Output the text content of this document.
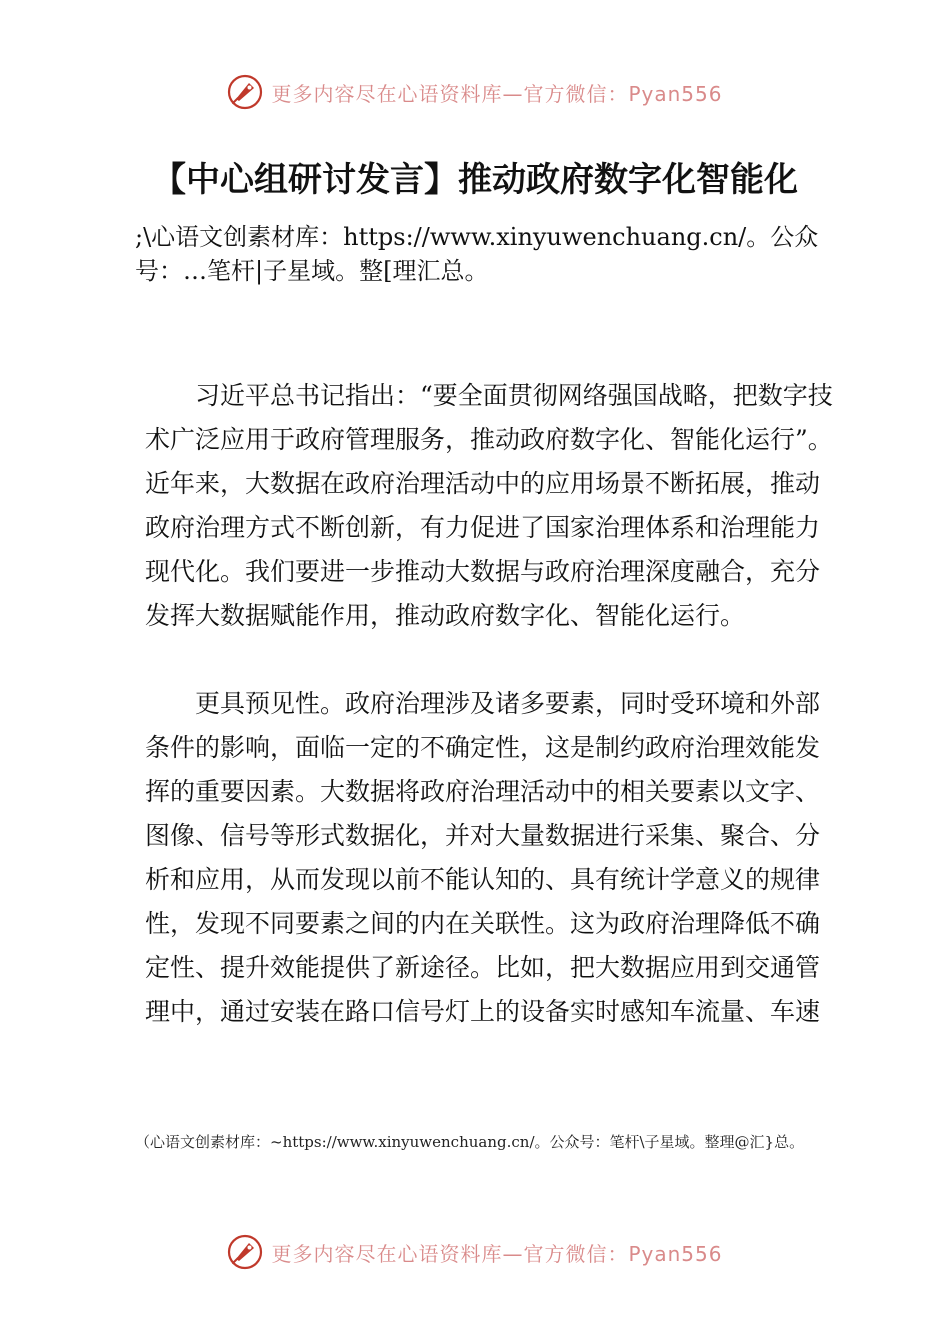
更多内容尽在心语资料库—官方微信：Pyan556
【中心组研讨发言】推动政府数字化智能化
;\心语文创素材库：https://www.xinyuwenchuang.cn/。公众号：…笔杆|子星域。整[理汇总。

习近平总书记指出：“要全面贯彻网络强国战略，把数字技术广泛应用于政府管理服务，推动政府数字化、智能化运行”。近年来，大数据在政府治理活动中的应用场景不断拓展，推动政府治理方式不断创新，有力促进了国家治理体系和治理能力现代化。我们要进一步推动大数据与政府治理深度融合，充分发挥大数据赋能作用，推动政府数字化、智能化运行。

更具预见性。政府治理涉及诸多要素，同时受环境和外部条件的影响，面临一定的不确定性，这是制约政府治理效能发挥的重要因素。大数据将政府治理活动中的相关要素以文字、图像、信号等形式数据化，并对大量数据进行采集、聚合、分析和应用，从而发现以前不能认知的、具有统计学意义的规律性，发现不同要素之间的内在关联性。这为政府治理降低不确定性、提升效能提供了新途径。比如，把大数据应用到交通管理中，通过安装在路口信号灯上的设备实时感知车流量、车速

（心语文创素材库：~https://www.xinyuwenchuang.cn/。公众号：笔杆\子星域。整理@汇}总。
更多内容尽在心语资料库—官方微信：Pyan556
